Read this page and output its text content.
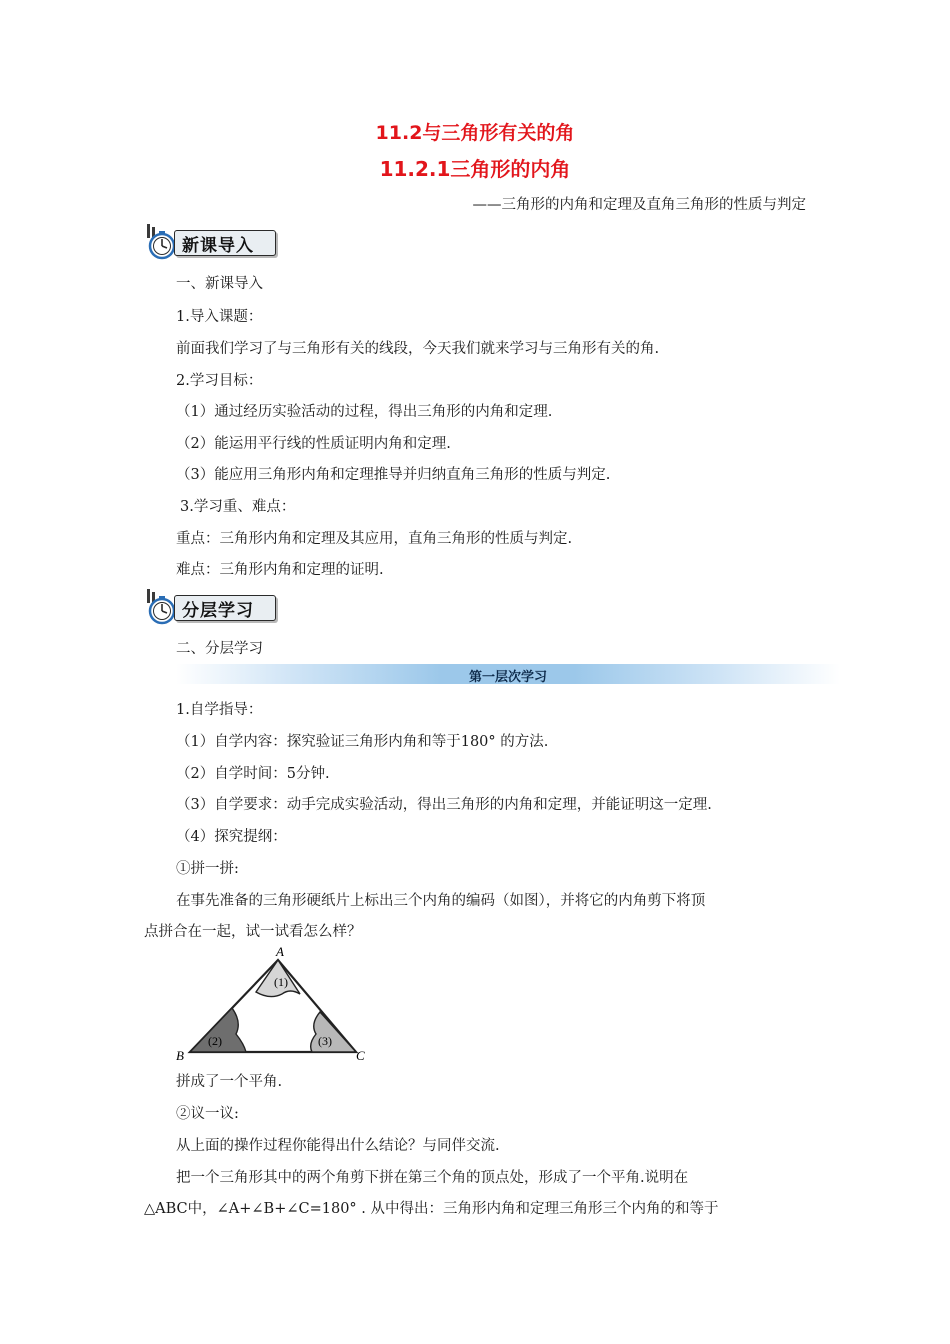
11.2与三角形有关的角
11.2.1三角形的内角
——三角形的内角和定理及直角三角形的性质与判定
新课导入
一、新课导入
1.导入课题：
前面我们学习了与三角形有关的线段，今天我们就来学习与三角形有关的角.
2.学习目标：
（1）通过经历实验活动的过程，得出三角形的内角和定理.
（2）能运用平行线的性质证明内角和定理.
（3）能应用三角形内角和定理推导并归纳直角三角形的性质与判定.
3.学习重、难点：
重点：三角形内角和定理及其应用，直角三角形的性质与判定.
难点：三角形内角和定理的证明.
分层学习
二、分层学习
第一层次学习
1.自学指导：
（1）自学内容：探究验证三角形内角和等于180° 的方法.
（2）自学时间：5分钟.
（3）自学要求：动手完成实验活动，得出三角形的内角和定理，并能证明这一定理.
（4）探究提纲：
①拼一拼:
在事先准备的三角形硬纸片上标出三个内角的编码（如图），并将它的内角剪下将顶
点拼合在一起，试一试看怎么样？
(1)
(2)	(3)
A
B	C
拼成了一个平角.
②议一议:
从上面的操作过程你能得出什么结论？与同伴交流.
把一个三角形其中的两个角剪下拼在第三个角的顶点处，形成了一个平角.说明在
△ABC中，∠A+∠B+∠C=180° . 从中得出：三角形内角和定理三角形三个内角的和等于
